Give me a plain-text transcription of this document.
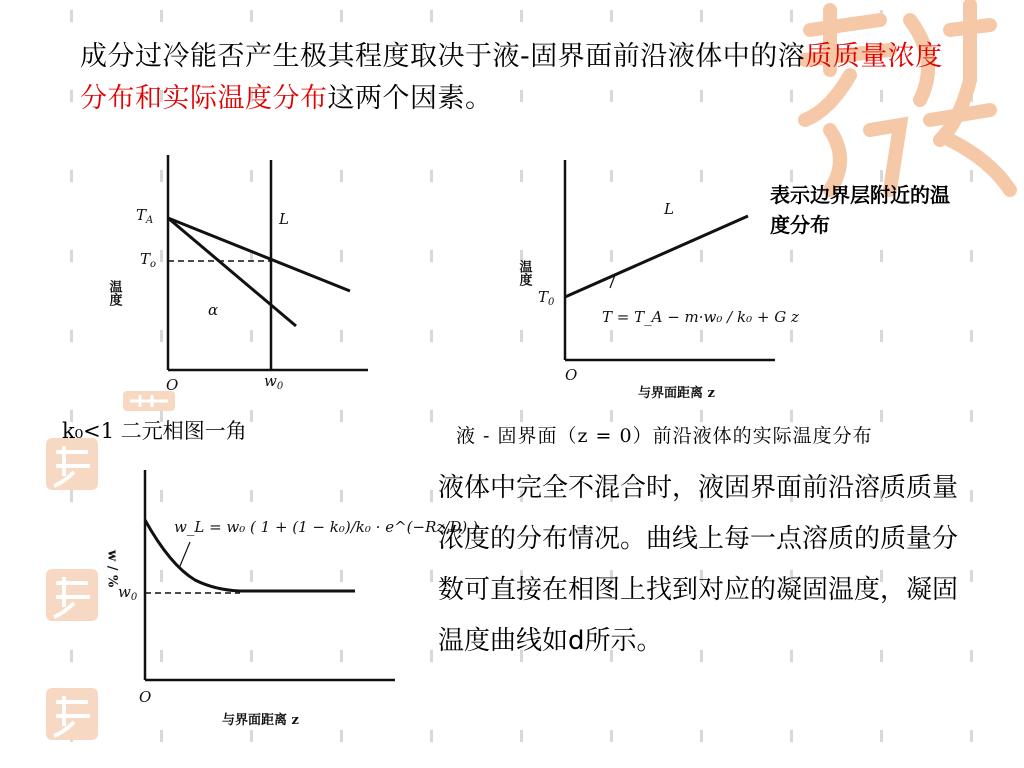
成分过冷能否产生极其程度取决于液-固界面前沿液体中的溶质质量浓度分布和实际温度分布这两个因素。

$T_A$
$T_o$
L
α
O	$w_0$
温度

k₀<1 二元相图一角

$T_0$
L
O
与界面距离 z
温度
T = T_A − m·w₀ / k₀ + G z

表示边界层附近的温度分布

液 - 固界面（z = 0）前沿液体的实际温度分布

$w_0$
O
与界面距离 z
w / %
w_L = w₀ ( 1 + (1 − k₀)/k₀ · e^(−Rz/D) )

液体中完全不混合时，液固界面前沿溶质质量浓度的分布情况。曲线上每一点溶质的质量分数可直接在相图上找到对应的凝固温度，凝固温度曲线如d所示。
